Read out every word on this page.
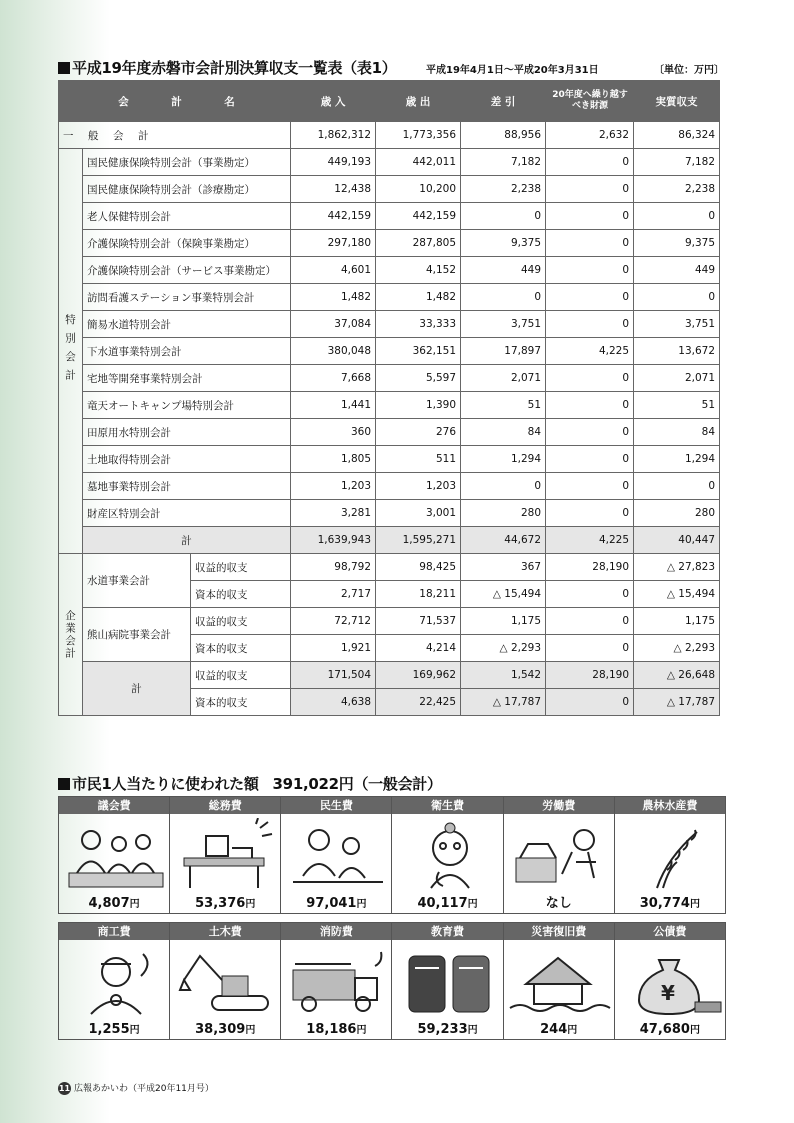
平成19年度赤磐市会計別決算収支一覧表（表1）	平成19年4月1日〜平成20年3月31日	〔単位：万円〕
会　計　名			歳 入	歳 出	差 引	20年度へ繰り越すべき財源	実質収支
一　般　会　計			1,862,312	1,773,356	88,956	2,632	86,324
特別会計	国民健康保険特別会計（事業勘定）		449,193	442,011	7,182	0	7,182
	国民健康保険特別会計（診療勘定）		12,438	10,200	2,238	0	2,238
	老人保健特別会計		442,159	442,159	0	0	0
	介護保険特別会計（保険事業勘定）		297,180	287,805	9,375	0	9,375
	介護保険特別会計（サービス事業勘定）		4,601	4,152	449	0	449
	訪問看護ステーション事業特別会計		1,482	1,482	0	0	0
	簡易水道特別会計		37,084	33,333	3,751	0	3,751
	下水道事業特別会計		380,048	362,151	17,897	4,225	13,672
	宅地等開発事業特別会計		7,668	5,597	2,071	0	2,071
	竜天オートキャンプ場特別会計		1,441	1,390	51	0	51
	田原用水特別会計		360	276	84	0	84
	土地取得特別会計		1,805	511	1,294	0	1,294
	墓地事業特別会計		1,203	1,203	0	0	0
	財産区特別会計		3,281	3,001	280	0	280
	計		1,639,943	1,595,271	44,672	4,225	40,447
企業会計	水道事業会計	収益的収支	98,792	98,425	367	28,190	△ 27,823
		資本的収支	2,717	18,211	△ 15,494	0	△ 15,494
	熊山病院事業会計	収益的収支	72,712	71,537	1,175	0	1,175
		資本的収支	1,921	4,214	△ 2,293	0	△ 2,293
	計	収益的収支	171,504	169,962	1,542	28,190	△ 26,648
		資本的収支	4,638	22,425	△ 17,787	0	△ 17,787
市民1人当たりに使われた額 391,022円（一般会計）
議会費
4,807円

総務費
53,376円

民生費
97,041円

衛生費
40,117円

労働費
なし

農林水産費
30,774円
商工費
1,255円

土木費
38,309円

消防費
18,186円

教育費
59,233円

災害復旧費
244円

公債費
¥
47,680円
11 広報あかいわ（平成20年11月号）
